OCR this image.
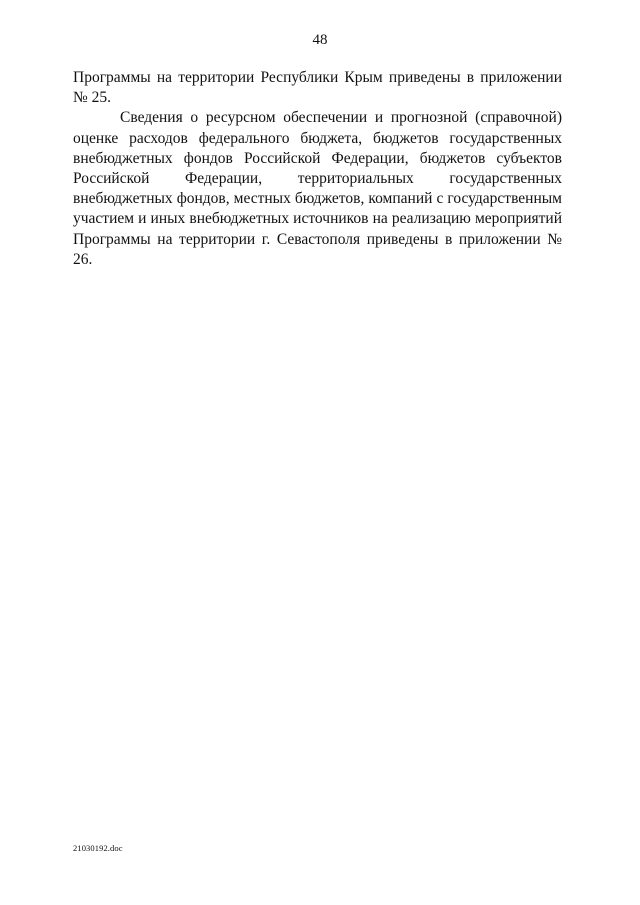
48

Программы на территории Республики Крым приведены в приложении № 25.

Сведения о ресурсном обеспечении и прогнозной (справочной) оценке расходов федерального бюджета, бюджетов государственных внебюджетных фондов Российской Федерации, бюджетов субъектов Российской Федерации, территориальных государственных внебюджетных фондов, местных бюджетов, компаний с государственным участием и иных внебюджетных источников на реализацию мероприятий Программы на территории г. Севастополя приведены в приложении № 26.

21030192.doc
